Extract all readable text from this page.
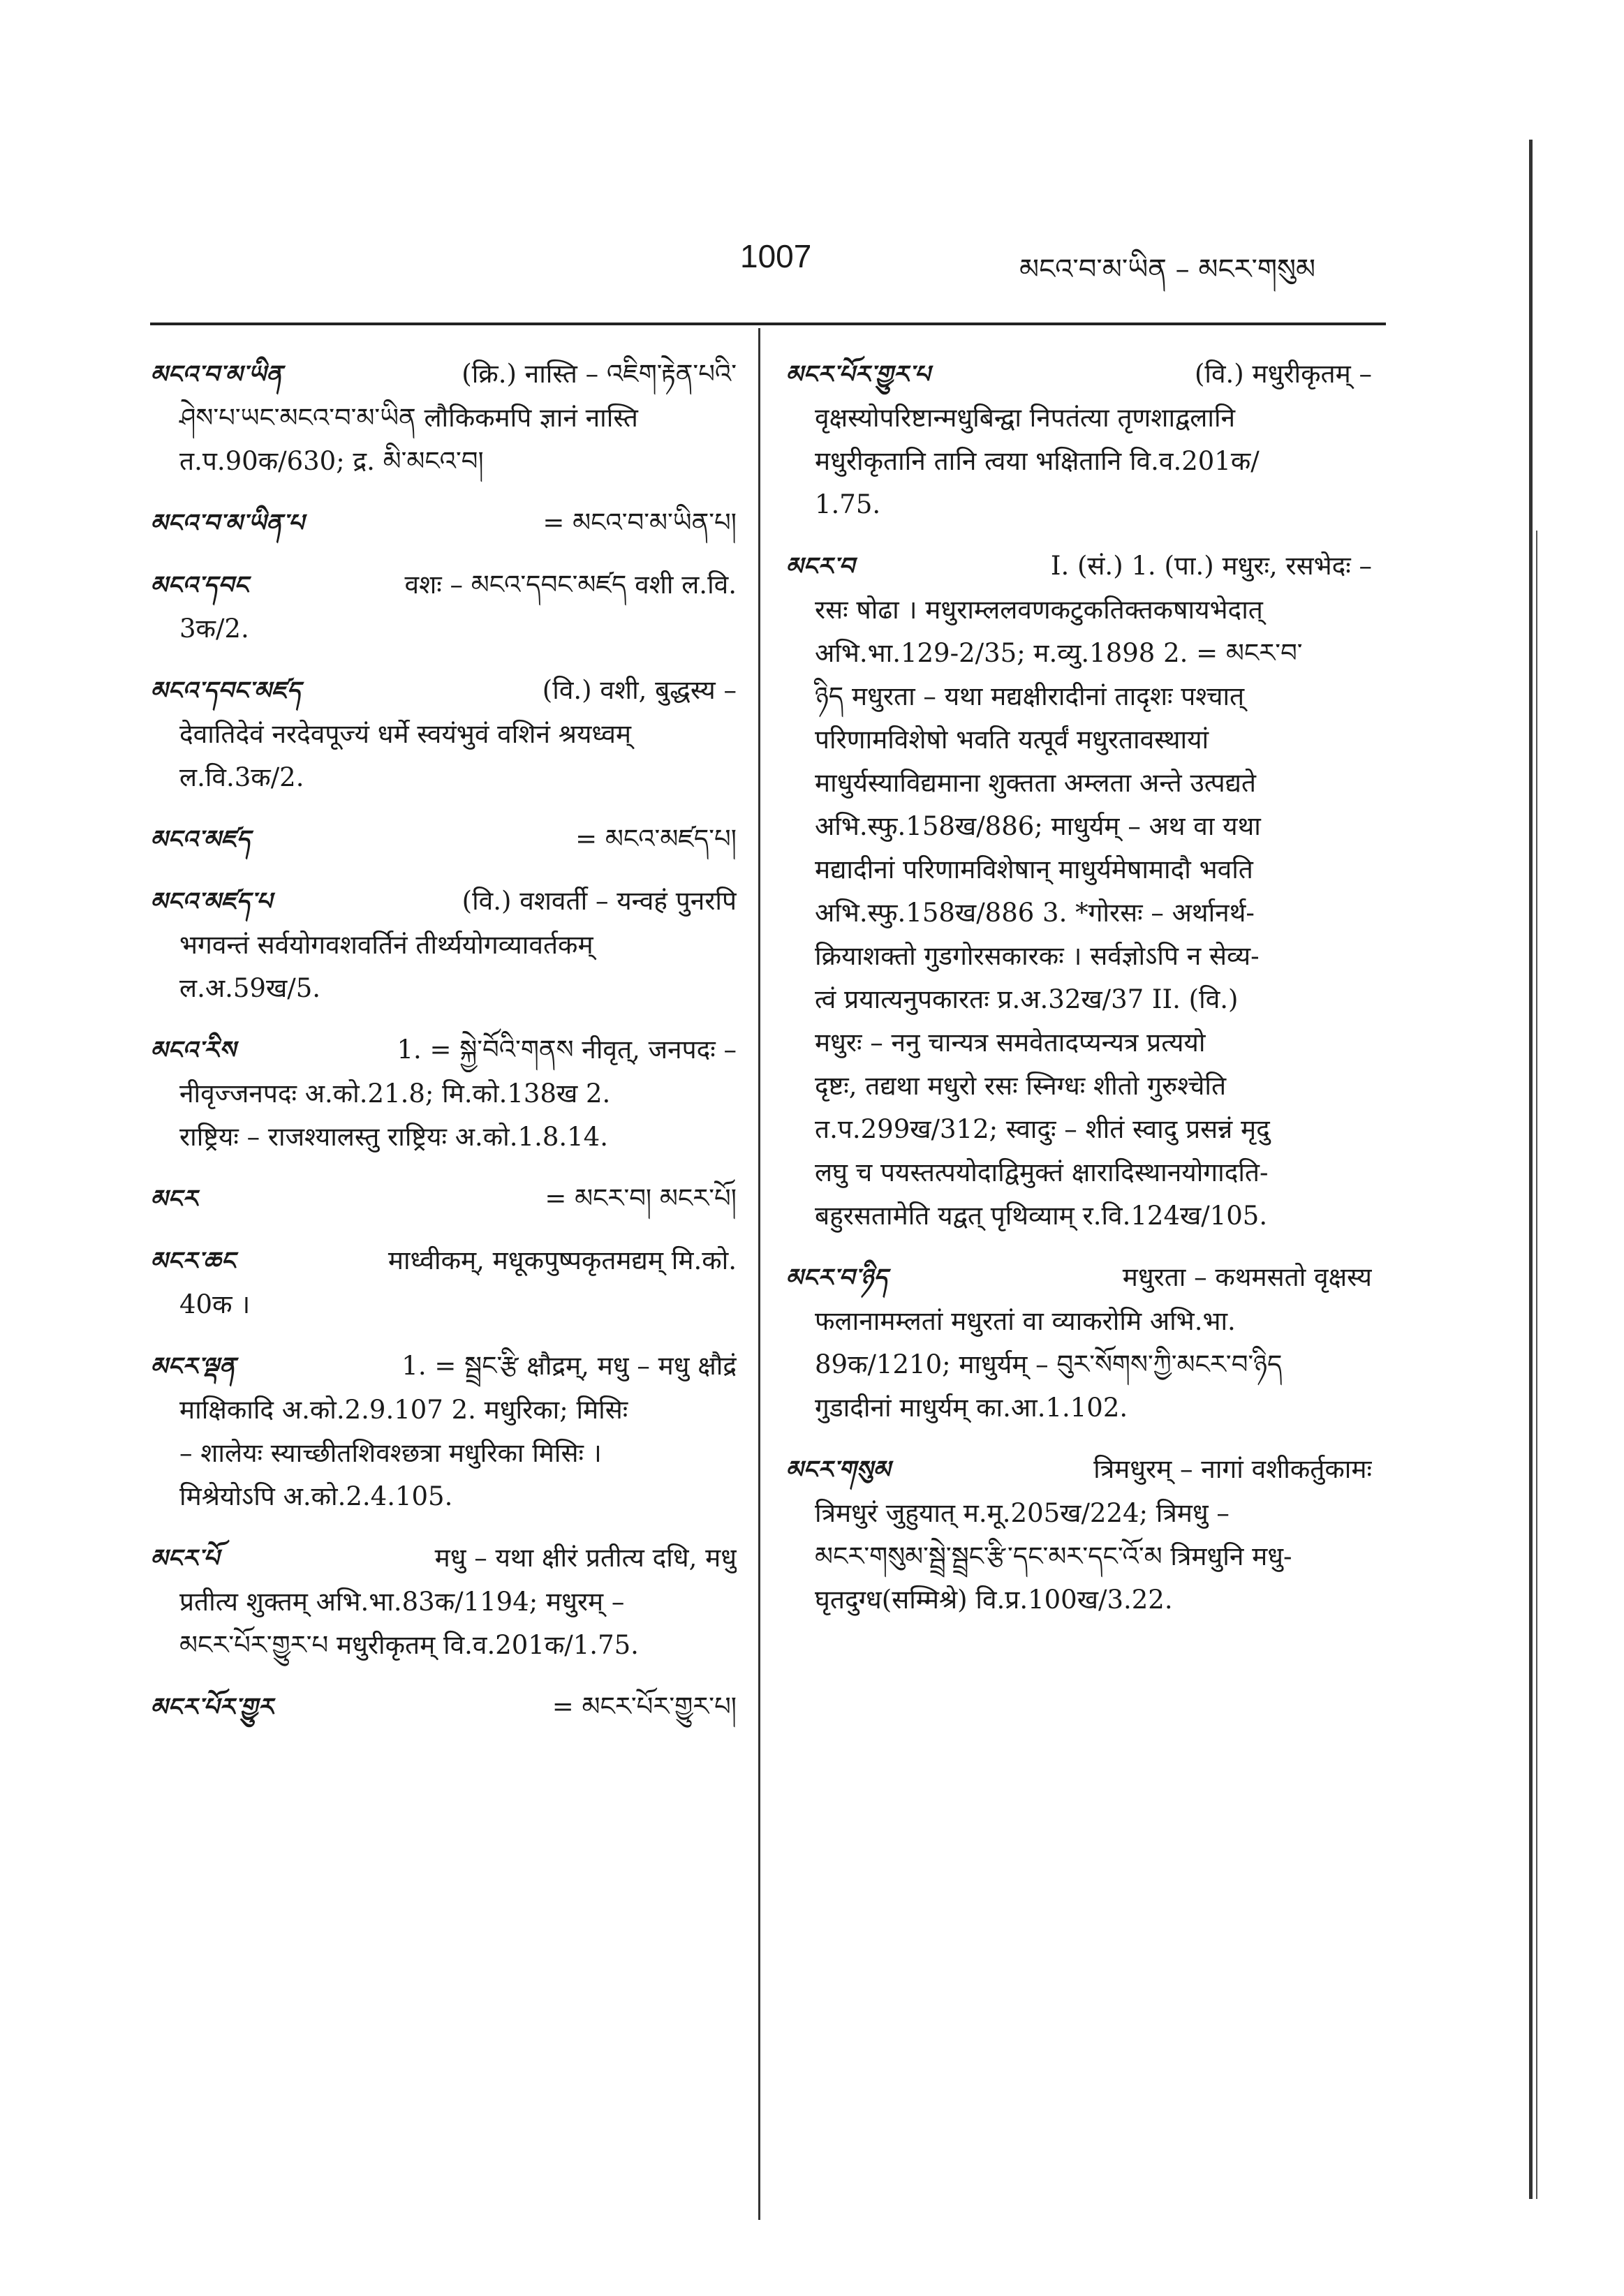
1007	མངའ་བ་མ་ཡིན – མངར་གསུམ
མངའ་བ་མ་ཡིན	(क्रि.) नास्ति – འཇིག་རྟེན་པའི་
ཤེས་པ་ཡང་མངའ་བ་མ་ཡིན लौकिकमपि ज्ञानं नास्ति
त.प.90क/630; द्र. མི་མངའ་བ།
མངའ་བ་མ་ཡིན་པ	= མངའ་བ་མ་ཡིན་པ།
མངའ་དབང	वशः – མངའ་དབང་མཛད वशी ल.वि.
3क/2.
མངའ་དབང་མཛད	(वि.) वशी, बुद्धस्य –
देवातिदेवं नरदेवपूज्यं धर्मे स्वयंभुवं वशिनं श्रयध्वम्
ल.वि.3क/2.
མངའ་མཛད	= མངའ་མཛད་པ།
མངའ་མཛད་པ	(वि.) वशवर्ती – यन्वहं पुनरपि
भगवन्तं सर्वयोगवशवर्तिनं तीर्थ्ययोगव्यावर्तकम्
ल.अ.59ख/5.
མངའ་རིས	1. = སྐྱེ་བོའི་གནས नीवृत्, जनपदः –
नीवृज्जनपदः अ.को.21.8; मि.को.138ख 2.
राष्ट्रियः – राजश्यालस्तु राष्ट्रियः अ.को.1.8.14.
མངར	= མངར་བ། མངར་པོ།
མངར་ཆང	माध्वीकम्, मधूकपुष्पकृतमद्यम् मि.को.
40क ।
མངར་ལྡན	1. = སྦྲང་རྩི क्षौद्रम्, मधु – मधु क्षौद्रं
माक्षिकादि अ.को.2.9.107 2. मधुरिका; मिसिः
– शालेयः स्याच्छीतशिवश्छत्रा मधुरिका मिसिः ।
मिश्रेयोऽपि अ.को.2.4.105.
མངར་པོ	मधु – यथा क्षीरं प्रतीत्य दधि, मधु
प्रतीत्य शुक्तम् अभि.भा.83क/1194; मधुरम् –
མངར་པོར་གྱུར་པ मधुरीकृतम् वि.व.201क/1.75.
མངར་པོར་གྱུར	= མངར་པོར་གྱུར་པ།
མངར་པོར་གྱུར་པ	(वि.) मधुरीकृतम् –
वृक्षस्योपरिष्टान्मधुबिन्द्वा निपतंत्या तृणशाद्वलानि
मधुरीकृतानि तानि त्वया भक्षितानि वि.व.201क/
1.75.
མངར་བ	I. (सं.) 1. (पा.) मधुरः, रसभेदः –
रसः षोढा । मधुराम्ललवणकटुकतिक्तकषायभेदात्
अभि.भा.129-2/35; म.व्यु.1898 2. = མངར་བ་
ཉིད मधुरता – यथा मद्यक्षीरादीनां तादृशः पश्चात्
परिणामविशेषो भवति यत्पूर्वं मधुरतावस्थायां
माधुर्यस्याविद्यमाना शुक्तता अम्लता अन्ते उत्पद्यते
अभि.स्फु.158ख/886; माधुर्यम् – अथ वा यथा
मद्यादीनां परिणामविशेषान् माधुर्यमेषामादौ भवति
अभि.स्फु.158ख/886 3. *गोरसः – अर्थानर्थ-
क्रियाशक्तो गुडगोरसकारकः । सर्वज्ञोऽपि न सेव्य-
त्वं प्रयात्यनुपकारतः प्र.अ.32ख/37 II. (वि.)
मधुरः – ननु चान्यत्र समवेतादप्यन्यत्र प्रत्ययो
दृष्टः, तद्यथा मधुरो रसः स्निग्धः शीतो गुरुश्चेति
त.प.299ख/312; स्वादुः – शीतं स्वादु प्रसन्नं मृदु
लघु च पयस्तत्पयोदाद्विमुक्तं क्षारादिस्थानयोगादति-
बहुरसतामेति यद्वत् पृथिव्याम् र.वि.124ख/105.
མངར་བ་ཉིད	मधुरता – कथमसतो वृक्षस्य
फलानामम्लतां मधुरतां वा व्याकरोमि अभि.भा.
89क/1210; माधुर्यम् – བུར་སོགས་ཀྱི་མངར་བ་ཉིད
गुडादीनां माधुर्यम् का.आ.1.102.
མངར་གསུམ	त्रिमधुरम् – नागां वशीकर्तुकामः
त्रिमधुरं जुहुयात् म.मू.205ख/224; त्रिमधु –
མངར་གསུམ་སྦྲེ་སྦྲང་རྩི་དང་མར་དང་འོ་མ त्रिमधुनि मधु-
घृतदुग्ध(सम्मिश्रे) वि.प्र.100ख/3.22.
